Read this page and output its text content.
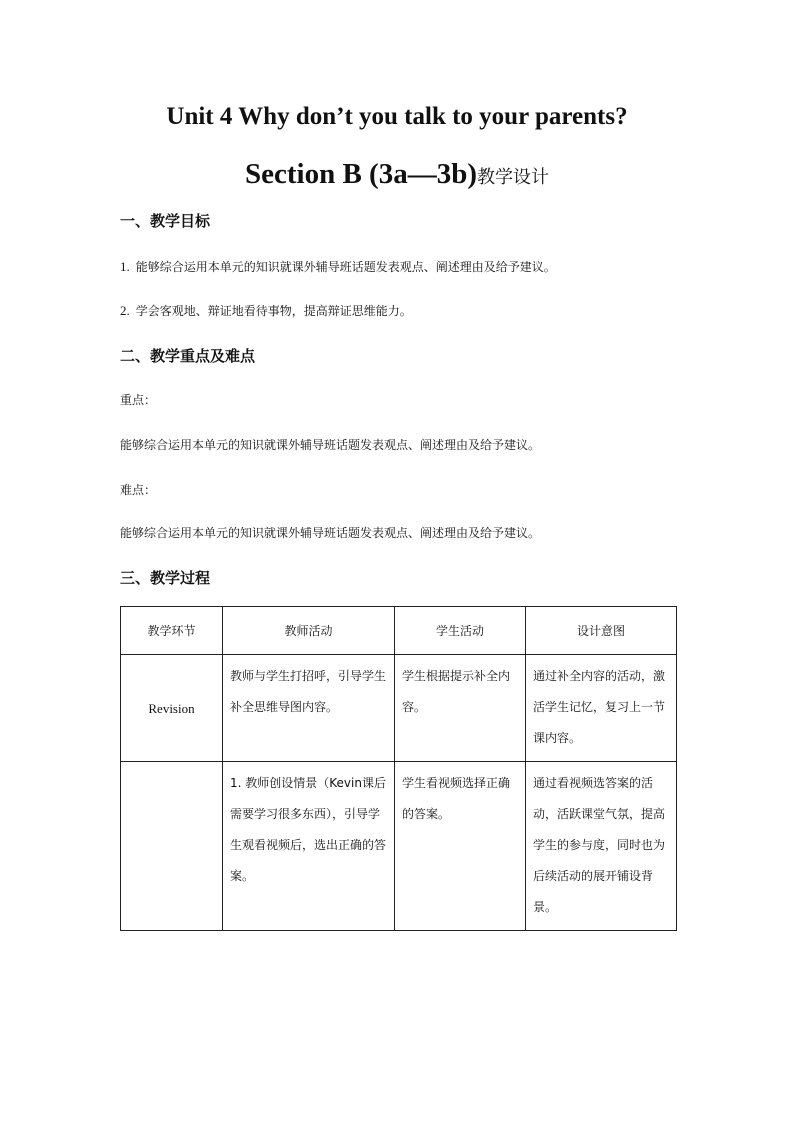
Unit 4 Why don’t you talk to your parents?
Section B (3a—3b)教学设计
一、教学目标
1. 能够综合运用本单元的知识就课外辅导班话题发表观点、阐述理由及给予建议。
2. 学会客观地、辩证地看待事物，提高辩证思维能力。
二、教学重点及难点
重点：
能够综合运用本单元的知识就课外辅导班话题发表观点、阐述理由及给予建议。
难点：
能够综合运用本单元的知识就课外辅导班话题发表观点、阐述理由及给予建议。
三、教学过程
教学环节	教师活动	学生活动	设计意图
Revision	教师与学生打招呼，引导学生补全思维导图内容。	学生根据提示补全内容。	通过补全内容的活动，激活学生记忆，复习上一节课内容。
	1. 教师创设情景（Kevin课后需要学习很多东西），引导学生观看视频后，选出正确的答案。	学生看视频选择正确的答案。	通过看视频选答案的活动，活跃课堂气氛，提高学生的参与度，同时也为后续活动的展开铺设背景。
